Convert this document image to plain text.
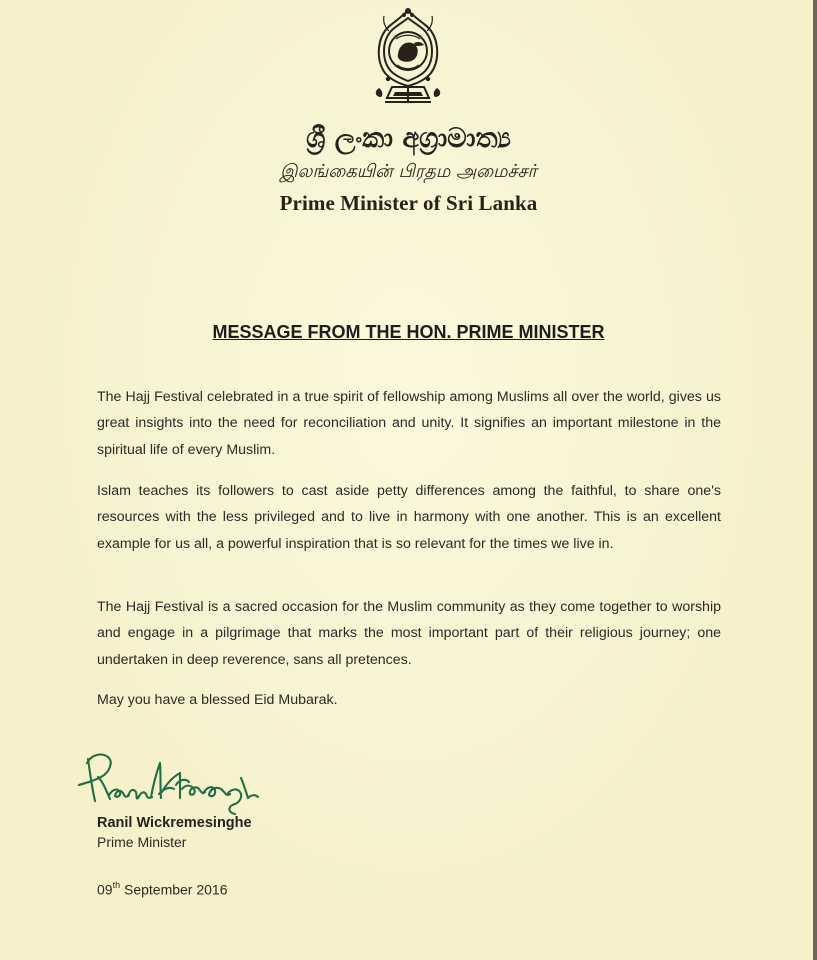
ශ්‍රී ලංකා අග්‍රාමාත්‍ය
இலங்கையின் பிரதம அமைச்சர்
Prime Minister of Sri Lanka
MESSAGE FROM THE HON. PRIME MINISTER
The Hajj Festival celebrated in a true spirit of fellowship among Muslims all over the world, gives us great insights into the need for reconciliation and unity. It signifies an important milestone in the spiritual life of every Muslim.
Islam teaches its followers to cast aside petty differences among the faithful, to share one's resources with the less privileged and to live in harmony with one another. This is an excellent example for us all, a powerful inspiration that is so relevant for the times we live in.
The Hajj Festival is a sacred occasion for the Muslim community as they come together to worship and engage in a pilgrimage that marks the most important part of their religious journey; one undertaken in deep reverence, sans all pretences.
May you have a blessed Eid Mubarak.
Ranil Wickremesinghe
Prime Minister
09th September 2016
